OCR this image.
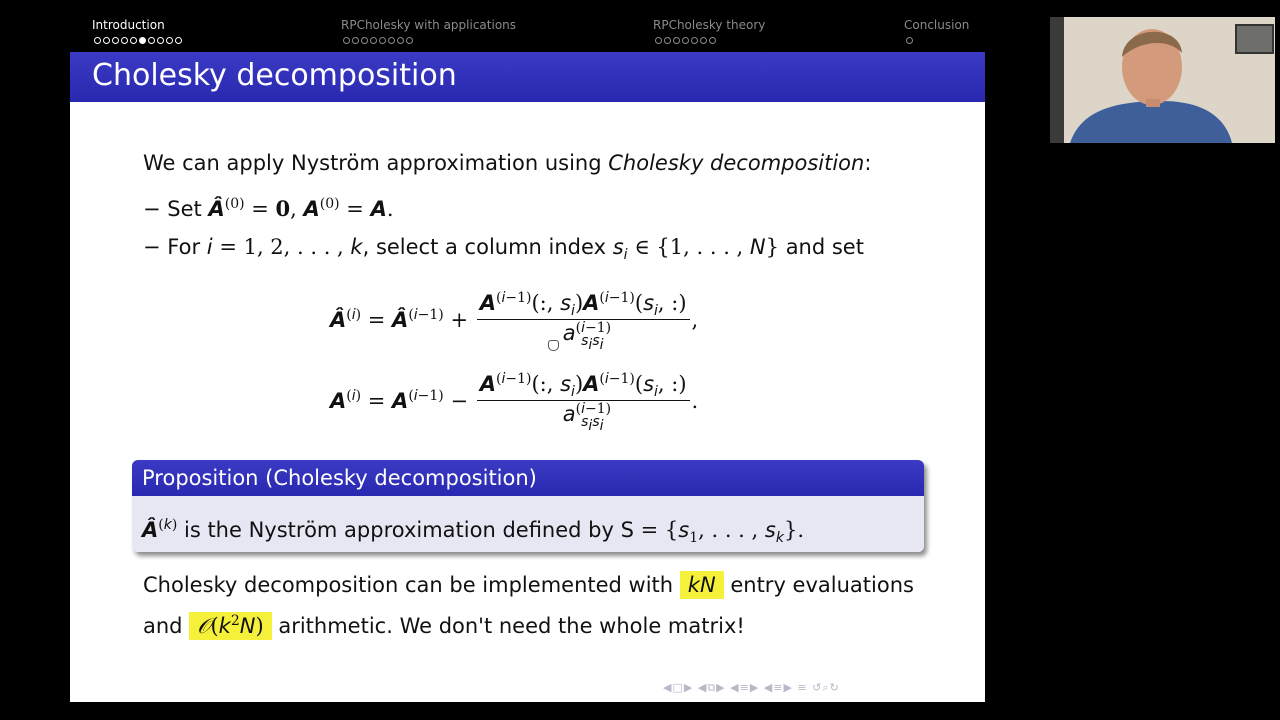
Introduction	RPCholesky with applications	RPCholesky theory	Conclusion
Cholesky decomposition
We can apply Nyström approximation using Cholesky decomposition:
− Set $Â^{(0)} = 0$, $A^{(0)} = A$.
− For i = 1, 2, . . . , k, select a column index $s_i$ ∈ {1, . . . , N} and set
$Â^{(i)}$ = $Â^{(i-1)} + \frac{A^{(i-1)}(:, s_i)A^{(i-1)}(s_i, :)}{a^{(i-1)}_{s_is_i}}$ ,
$A^{(i)} = A^{(i-1)} - \frac{A^{(i-1)}(:, s_i)A^{(i-1)}(s_i, :)}{a^{(i-1)}_{s_is_i}}$ .
Proposition (Cholesky decomposition)
$Â^{(k)}$ is the Nyström approximation defined by $S = \{s_1$, . . . , $s_k$}.
Cholesky decomposition can be implemented with kN entry evaluations
and $𝒪(k^2N)$ arithmetic. We don't need the whole matrix!
◀□▶ ◀⧉▶ ◀≡▶ ◀≡▶ ≡ ↺⌕↻
